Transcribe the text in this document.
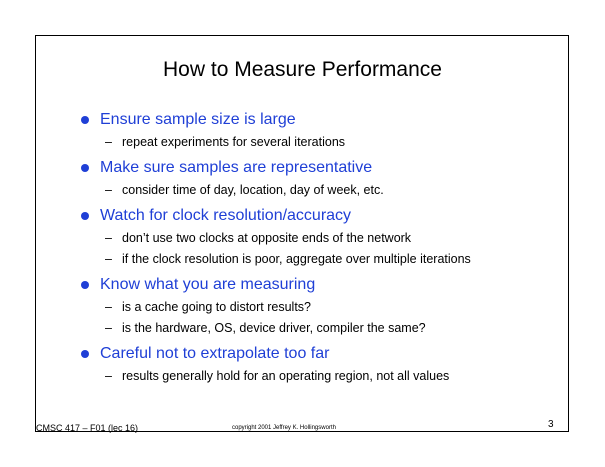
How to Measure Performance
Ensure sample size is large
– repeat experiments for several iterations
Make sure samples are representative
– consider time of day, location, day of week, etc.
Watch for clock resolution/accuracy
– don’t use two clocks at opposite ends of the network
– if the clock resolution is poor, aggregate over multiple iterations
Know what you are measuring
– is a cache going to distort results?
– is the hardware, OS, device driver, compiler the same?
Careful not to extrapolate too far
– results generally hold for an operating region, not all values
CMSC 417 – F01 (lec 16)	copyright 2001 Jeffrey K. Hollingsworth	3
